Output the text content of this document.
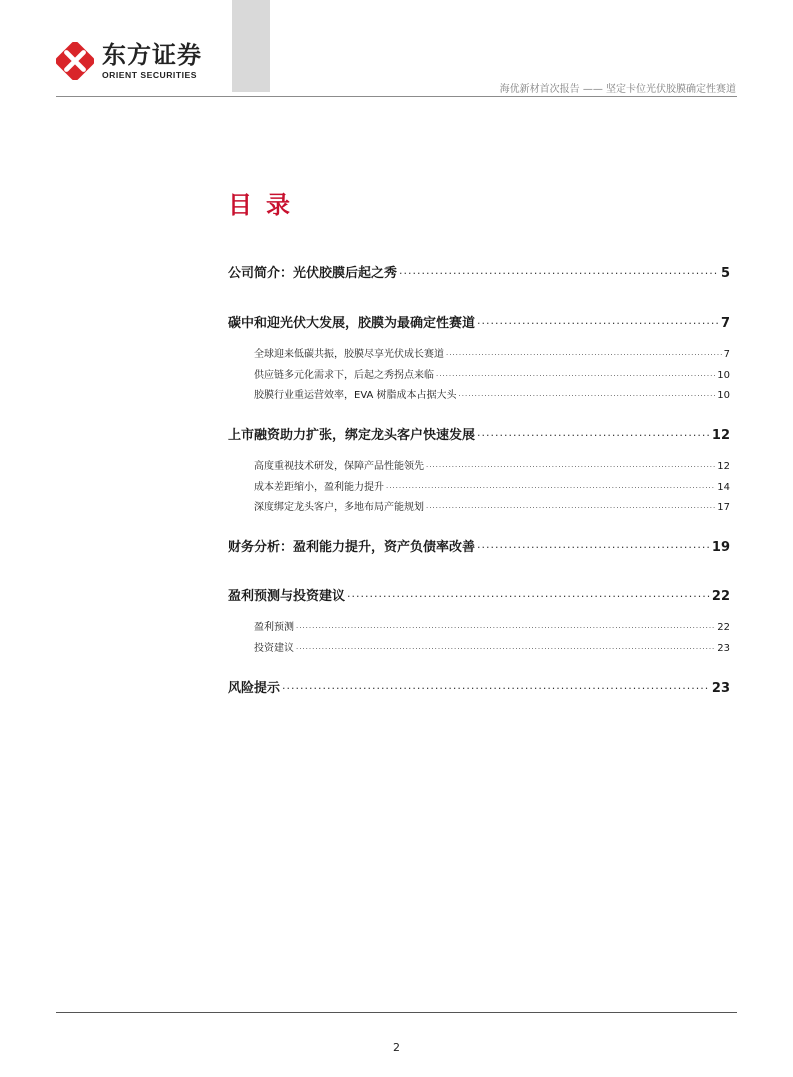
东方证券
ORIENT SECURITIES
海优新材首次报告 —— 坚定卡位光伏胶膜确定性赛道
目录
公司简介：光伏胶膜后起之秀 .....	5
碳中和迎光伏大发展，胶膜为最确定性赛道 .....	7
全球迎来低碳共振，胶膜尽享光伏成长赛道 .....	7
供应链多元化需求下，后起之秀拐点来临 .....	10
胶膜行业重运营效率，EVA 树脂成本占据大头 .....	10
上市融资助力扩张，绑定龙头客户快速发展 .....	12
高度重视技术研发，保障产品性能领先 .....	12
成本差距缩小，盈利能力提升 .....	14
深度绑定龙头客户，多地布局产能规划 .....	17
财务分析：盈利能力提升，资产负债率改善 .....	19
盈利预测与投资建议 .....	22
盈利预测 .....	22
投资建议 .....	23
风险提示 .....	23
2
